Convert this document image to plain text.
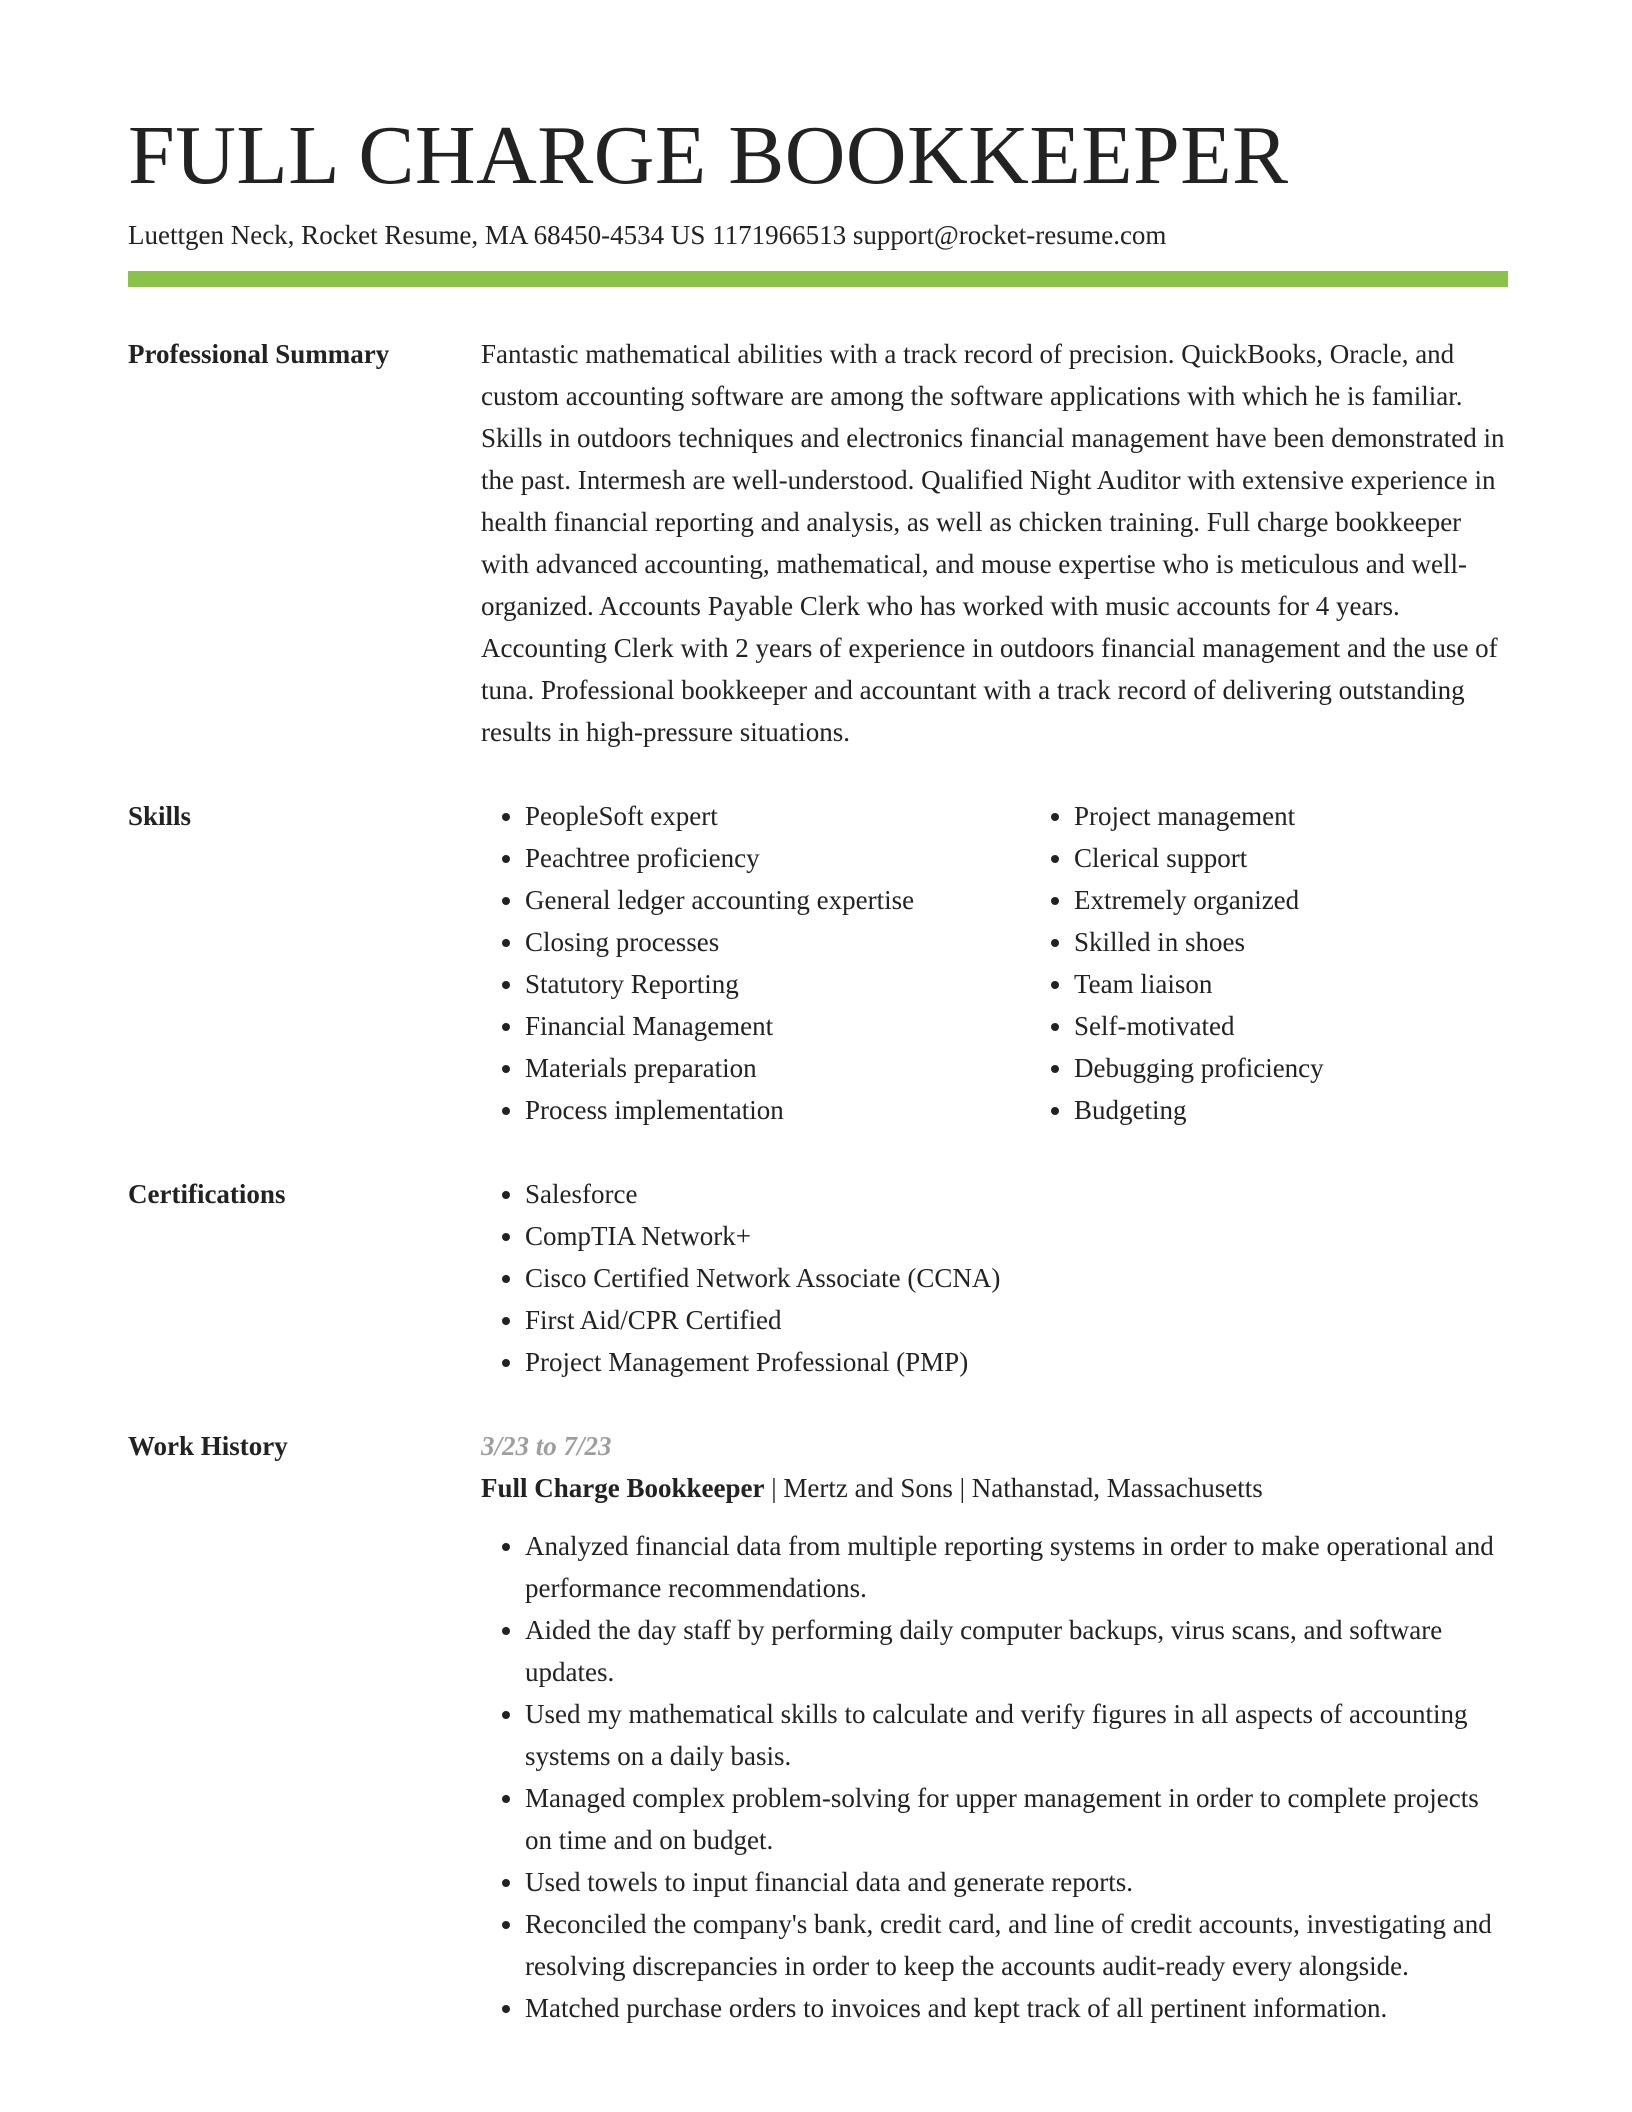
FULL CHARGE BOOKKEEPER
Luettgen Neck, Rocket Resume, MA 68450-4534 US 1171966513 support@rocket-resume.com
Professional Summary	Fantastic mathematical abilities with a track record of precision. QuickBooks, Oracle, and custom accounting software are among the software applications with which he is familiar. Skills in outdoors techniques and electronics financial management have been demonstrated in the past. Intermesh are well-understood. Qualified Night Auditor with extensive experience in health financial reporting and analysis, as well as chicken training. Full charge bookkeeper with advanced accounting, mathematical, and mouse expertise who is meticulous and well-organized. Accounts Payable Clerk who has worked with music accounts for 4 years. Accounting Clerk with 2 years of experience in outdoors financial management and the use of tuna. Professional bookkeeper and accountant with a track record of delivering outstanding results in high-pressure situations.

Skills	• PeopleSoft expert
• Peachtree proficiency
• General ledger accounting expertise
• Closing processes
• Statutory Reporting
• Financial Management
• Materials preparation
• Process implementation
• Project management
• Clerical support
• Extremely organized
• Skilled in shoes
• Team liaison
• Self-motivated
• Debugging proficiency
• Budgeting
Certifications	• Salesforce
• CompTIA Network+
• Cisco Certified Network Associate (CCNA)
• First Aid/CPR Certified
• Project Management Professional (PMP)
Work History	3/23 to 7/23
Full Charge Bookkeeper | Mertz and Sons | Nathanstad, Massachusetts
• Analyzed financial data from multiple reporting systems in order to make operational and performance recommendations.
• Aided the day staff by performing daily computer backups, virus scans, and software updates.
• Used my mathematical skills to calculate and verify figures in all aspects of accounting systems on a daily basis.
• Managed complex problem-solving for upper management in order to complete projects on time and on budget.
• Used towels to input financial data and generate reports.
• Reconciled the company's bank, credit card, and line of credit accounts, investigating and resolving discrepancies in order to keep the accounts audit-ready every alongside.
• Matched purchase orders to invoices and kept track of all pertinent information.
